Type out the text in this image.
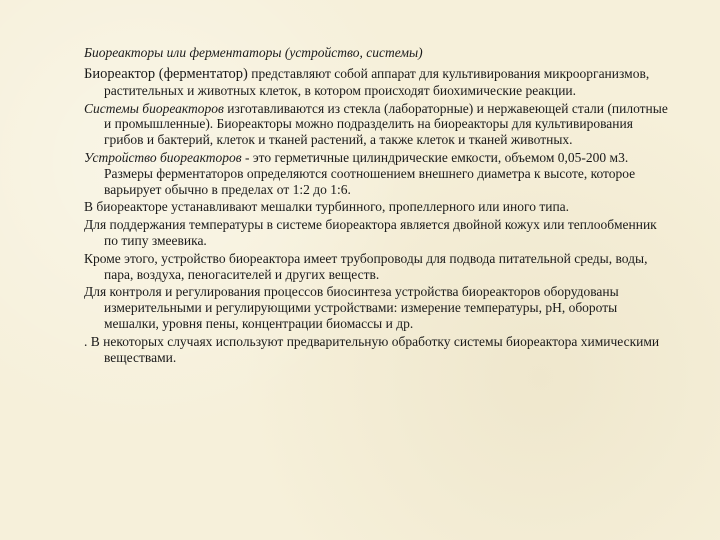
Биореакторы или ферментаторы (устройство, системы)
Биореактор (ферментатор) представляют собой аппарат для культивирования микроорганизмов, растительных и животных клеток, в котором происходят биохимические реакции.
Системы биореакторов изготавливаются из стекла (лабораторные) и нержавеющей стали (пилотные и промышленные). Биореакторы можно подразделить на биореакторы для культивирования грибов и бактерий, клеток и тканей растений, а также клеток и тканей животных.
Устройство биореакторов - это герметичные цилиндрические емкости, объемом 0,05-200 м3. Размеры ферментаторов определяются соотношением внешнего диаметра к высоте, которое варьирует обычно в пределах от 1:2 до 1:6.
В биореакторе устанавливают мешалки турбинного, пропеллерного или иного типа.
Для поддержания температуры в системе биореактора является двойной кожух или теплообменник по типу змеевика.
Кроме этого, устройство биореактора имеет трубопроводы для подвода питательной среды, воды, пара, воздуха, пеногасителей и других веществ.
Для контроля и регулирования процессов биосинтеза устройства биореакторов оборудованы измерительными и регулирующими устройствами: измерение температуры, pH, обороты мешалки, уровня пены, концентрации биомассы и др.
. В некоторых случаях используют предварительную обработку системы биореактора химическими веществами.
